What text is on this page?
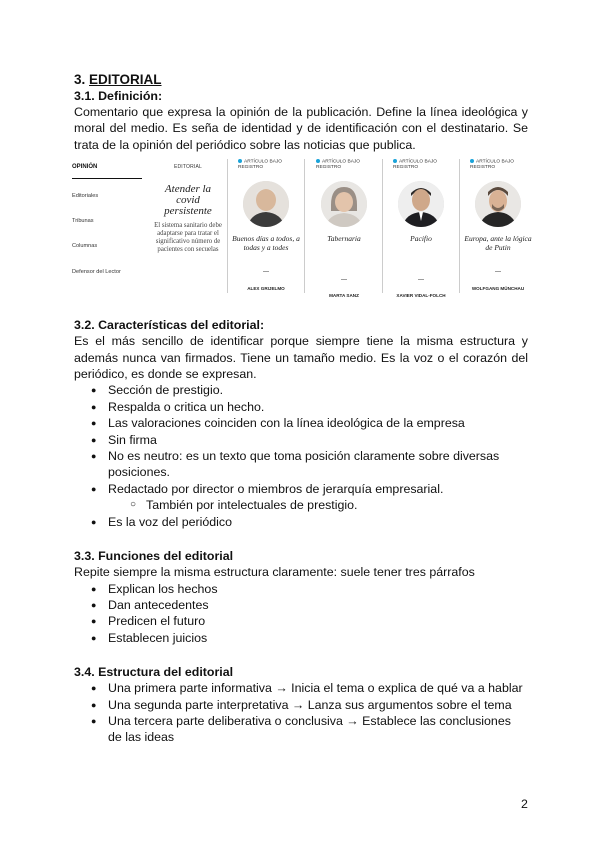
3. EDITORIAL
3.1. Definición:

Comentario que expresa la opinión de la publicación. Define la línea ideológica y moral del medio. Es seña de identidad y de identificación con el destinatario. Se trata de la opinión del periódico sobre las noticias que publica.

OPINIÓN
Editoriales
Tribunas
Columnas
Defensor del Lector
EDITORIAL
Atender la covid persistente
El sistema sanitario debe adaptarse para tratar el significativo número de pacientes con secuelas
ARTÍCULO BAJO REGISTRO
Buenos días a todos, a todas y a todes
—
ALEX GRIJELMO
ARTÍCULO BAJO REGISTRO
Tabernaria
—
MARTA SANZ
ARTÍCULO BAJO REGISTRO
Pacifio
—
XAVIER VIDAL-FOLCH
ARTÍCULO BAJO REGISTRO
Europa, ante la lógica de Putin
—
WOLFGANG MÜNCHAU
3.2. Características del editorial:

Es el más sencillo de identificar porque siempre tiene la misma estructura y además nunca van firmados. Tiene un tamaño medio. Es la voz o el corazón del periódico, es donde se expresan.

● Sección de prestigio.
● Respalda o critica un hecho.
● Las valoraciones coinciden con la línea ideológica de la empresa
● Sin firma
● No es neutro: es un texto que toma posición claramente sobre diversas posiciones.
● Redactado por director o miembros de jerarquía empresarial.
○ También por intelectuales de prestigio.
● Es la voz del periódico
3.3. Funciones del editorial

Repite siempre la misma estructura claramente: suele tener tres párrafos

● Explican los hechos
● Dan antecedentes
● Predicen el futuro
● Establecen juicios
3.4. Estructura del editorial
● Una primera parte informativa → Inicia el tema o explica de qué va a hablar
● Una segunda parte interpretativa → Lanza sus argumentos sobre el tema
● Una tercera parte deliberativa o conclusiva → Establece las conclusiones de las ideas
2
